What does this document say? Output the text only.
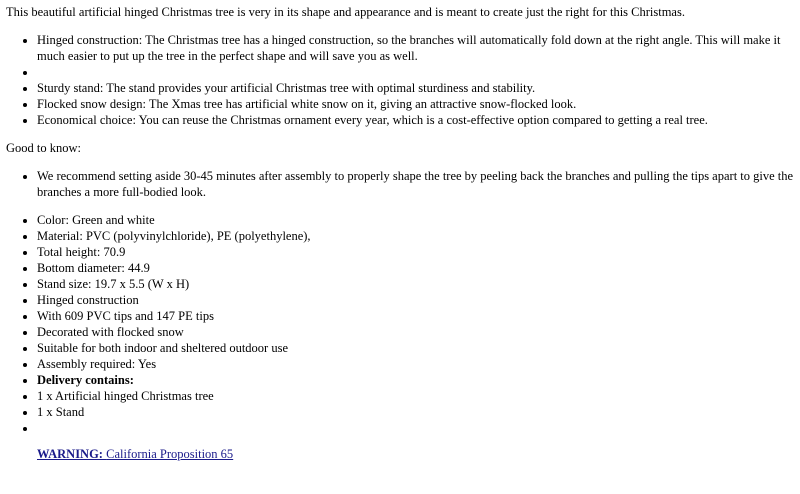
This beautiful artificial hinged Christmas tree is very in its shape and appearance and is meant to create just the right for this Christmas.

• Hinged construction: The Christmas tree has a hinged construction, so the branches will automatically fold down at the right angle. This will make it much easier to put up the tree in the perfect shape and will save you as well.
•
• Sturdy stand: The stand provides your artificial Christmas tree with optimal sturdiness and stability.
• Flocked snow design: The Xmas tree has artificial white snow on it, giving an attractive snow-flocked look.
• Economical choice: You can reuse the Christmas ornament every year, which is a cost-effective option compared to getting a real tree.

Good to know:

• We recommend setting aside 30-45 minutes after assembly to properly shape the tree by peeling back the branches and pulling the tips apart to give the branches a more full-bodied look.
• Color: Green and white
• Material: PVC (polyvinylchloride), PE (polyethylene),
• Total height: 70.9
• Bottom diameter: 44.9
• Stand size: 19.7 x 5.5 (W x H)
• Hinged construction
• With 609 PVC tips and 147 PE tips
• Decorated with flocked snow
• Suitable for both indoor and sheltered outdoor use
• Assembly required: Yes
• Delivery contains:
• 1 x Artificial hinged Christmas tree
• 1 x Stand
•
WARNING: California Proposition 65
